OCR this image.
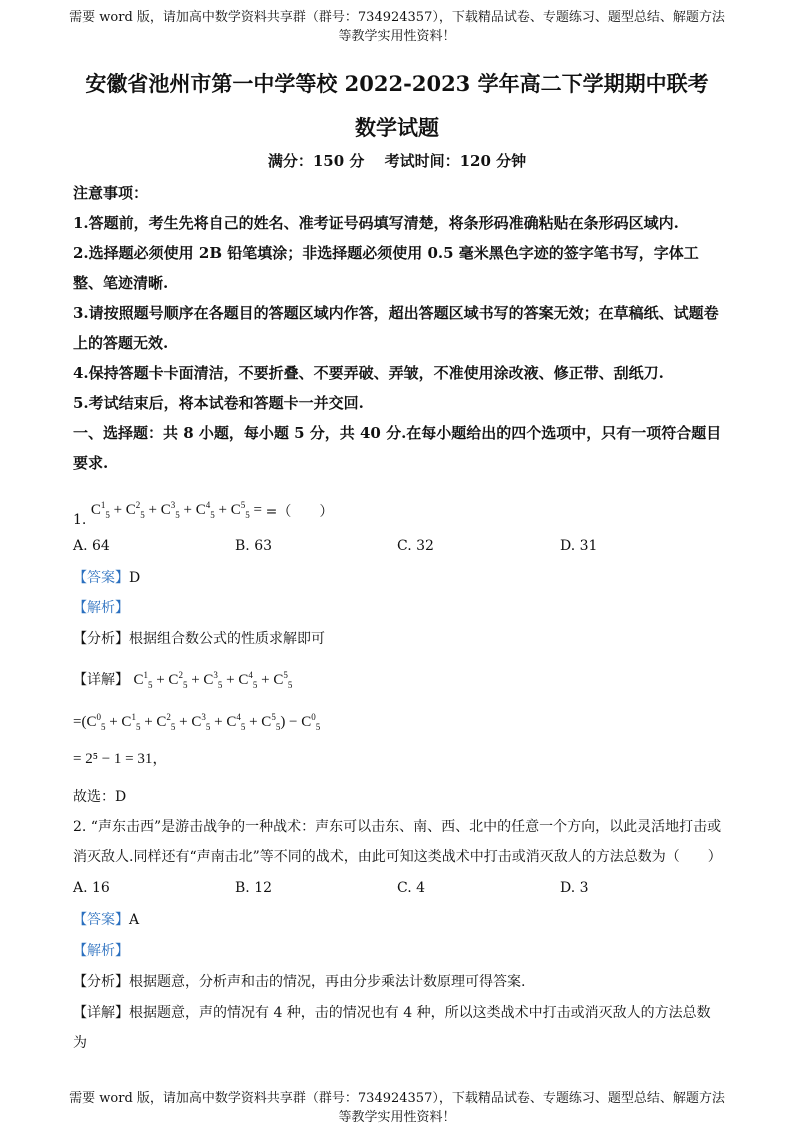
需要 word 版，请加高中数学资料共享群（群号：734924357），下载精品试卷、专题练习、题型总结、解题方法
等教学实用性资料！
安徽省池州市第一中学等校 2022-2023 学年高二下学期期中联考
数学试题
满分：150 分　 考试时间：120 分钟
注意事项：
1.答题前，考生先将自己的姓名、准考证号码填写清楚，将条形码准确粘贴在条形码区域内.
2.选择题必须使用 2B 铅笔填涂；非选择题必须使用 0.5 毫米黑色字迹的签字笔书写，字体工整、笔迹清晰.
3.请按照题号顺序在各题目的答题区域内作答，超出答题区域书写的答案无效；在草稿纸、试题卷上的答题无效.
4.保持答题卡卡面清洁，不要折叠、不要弄破、弄皱，不准使用涂改液、修正带、刮纸刀.
5.考试结束后，将本试卷和答题卡一并交回.
一、选择题：共 8 小题，每小题 5 分，共 40 分.在每小题给出的四个选项中，只有一项符合题目要求.
1. $C^1_5 + C^2_5 + C^3_5 + C^4_5 + C^5_5$ = =（　　）
A. 64	B. 63	C. 32	D. 31
【答案】D
【解析】
【分析】根据组合数公式的性质求解即可
【详解】 $C^1_5 + C^2_5 + C^3_5 + C^4_5 + C^5_5$
$=(C^0_5 + C^1_5 + C^2_5 + C^3_5 + C^4_5 + C^5_5) - C^0_5$
= 2⁵ − 1 = 31，
故选：D
2. “声东击西”是游击战争的一种战术：声东可以击东、南、西、北中的任意一个方向，以此灵活地打击或消灭敌人.同样还有“声南击北”等不同的战术，由此可知这类战术中打击或消灭敌人的方法总数为（　　）
A. 16	B. 12	C. 4	D. 3
【答案】A
【解析】
【分析】根据题意，分析声和击的情况，再由分步乘法计数原理可得答案.
【详解】根据题意，声的情况有 4 种，击的情况也有 4 种，所以这类战术中打击或消灭敌人的方法总数为
需要 word 版，请加高中数学资料共享群（群号：734924357），下载精品试卷、专题练习、题型总结、解题方法
等教学实用性资料！
